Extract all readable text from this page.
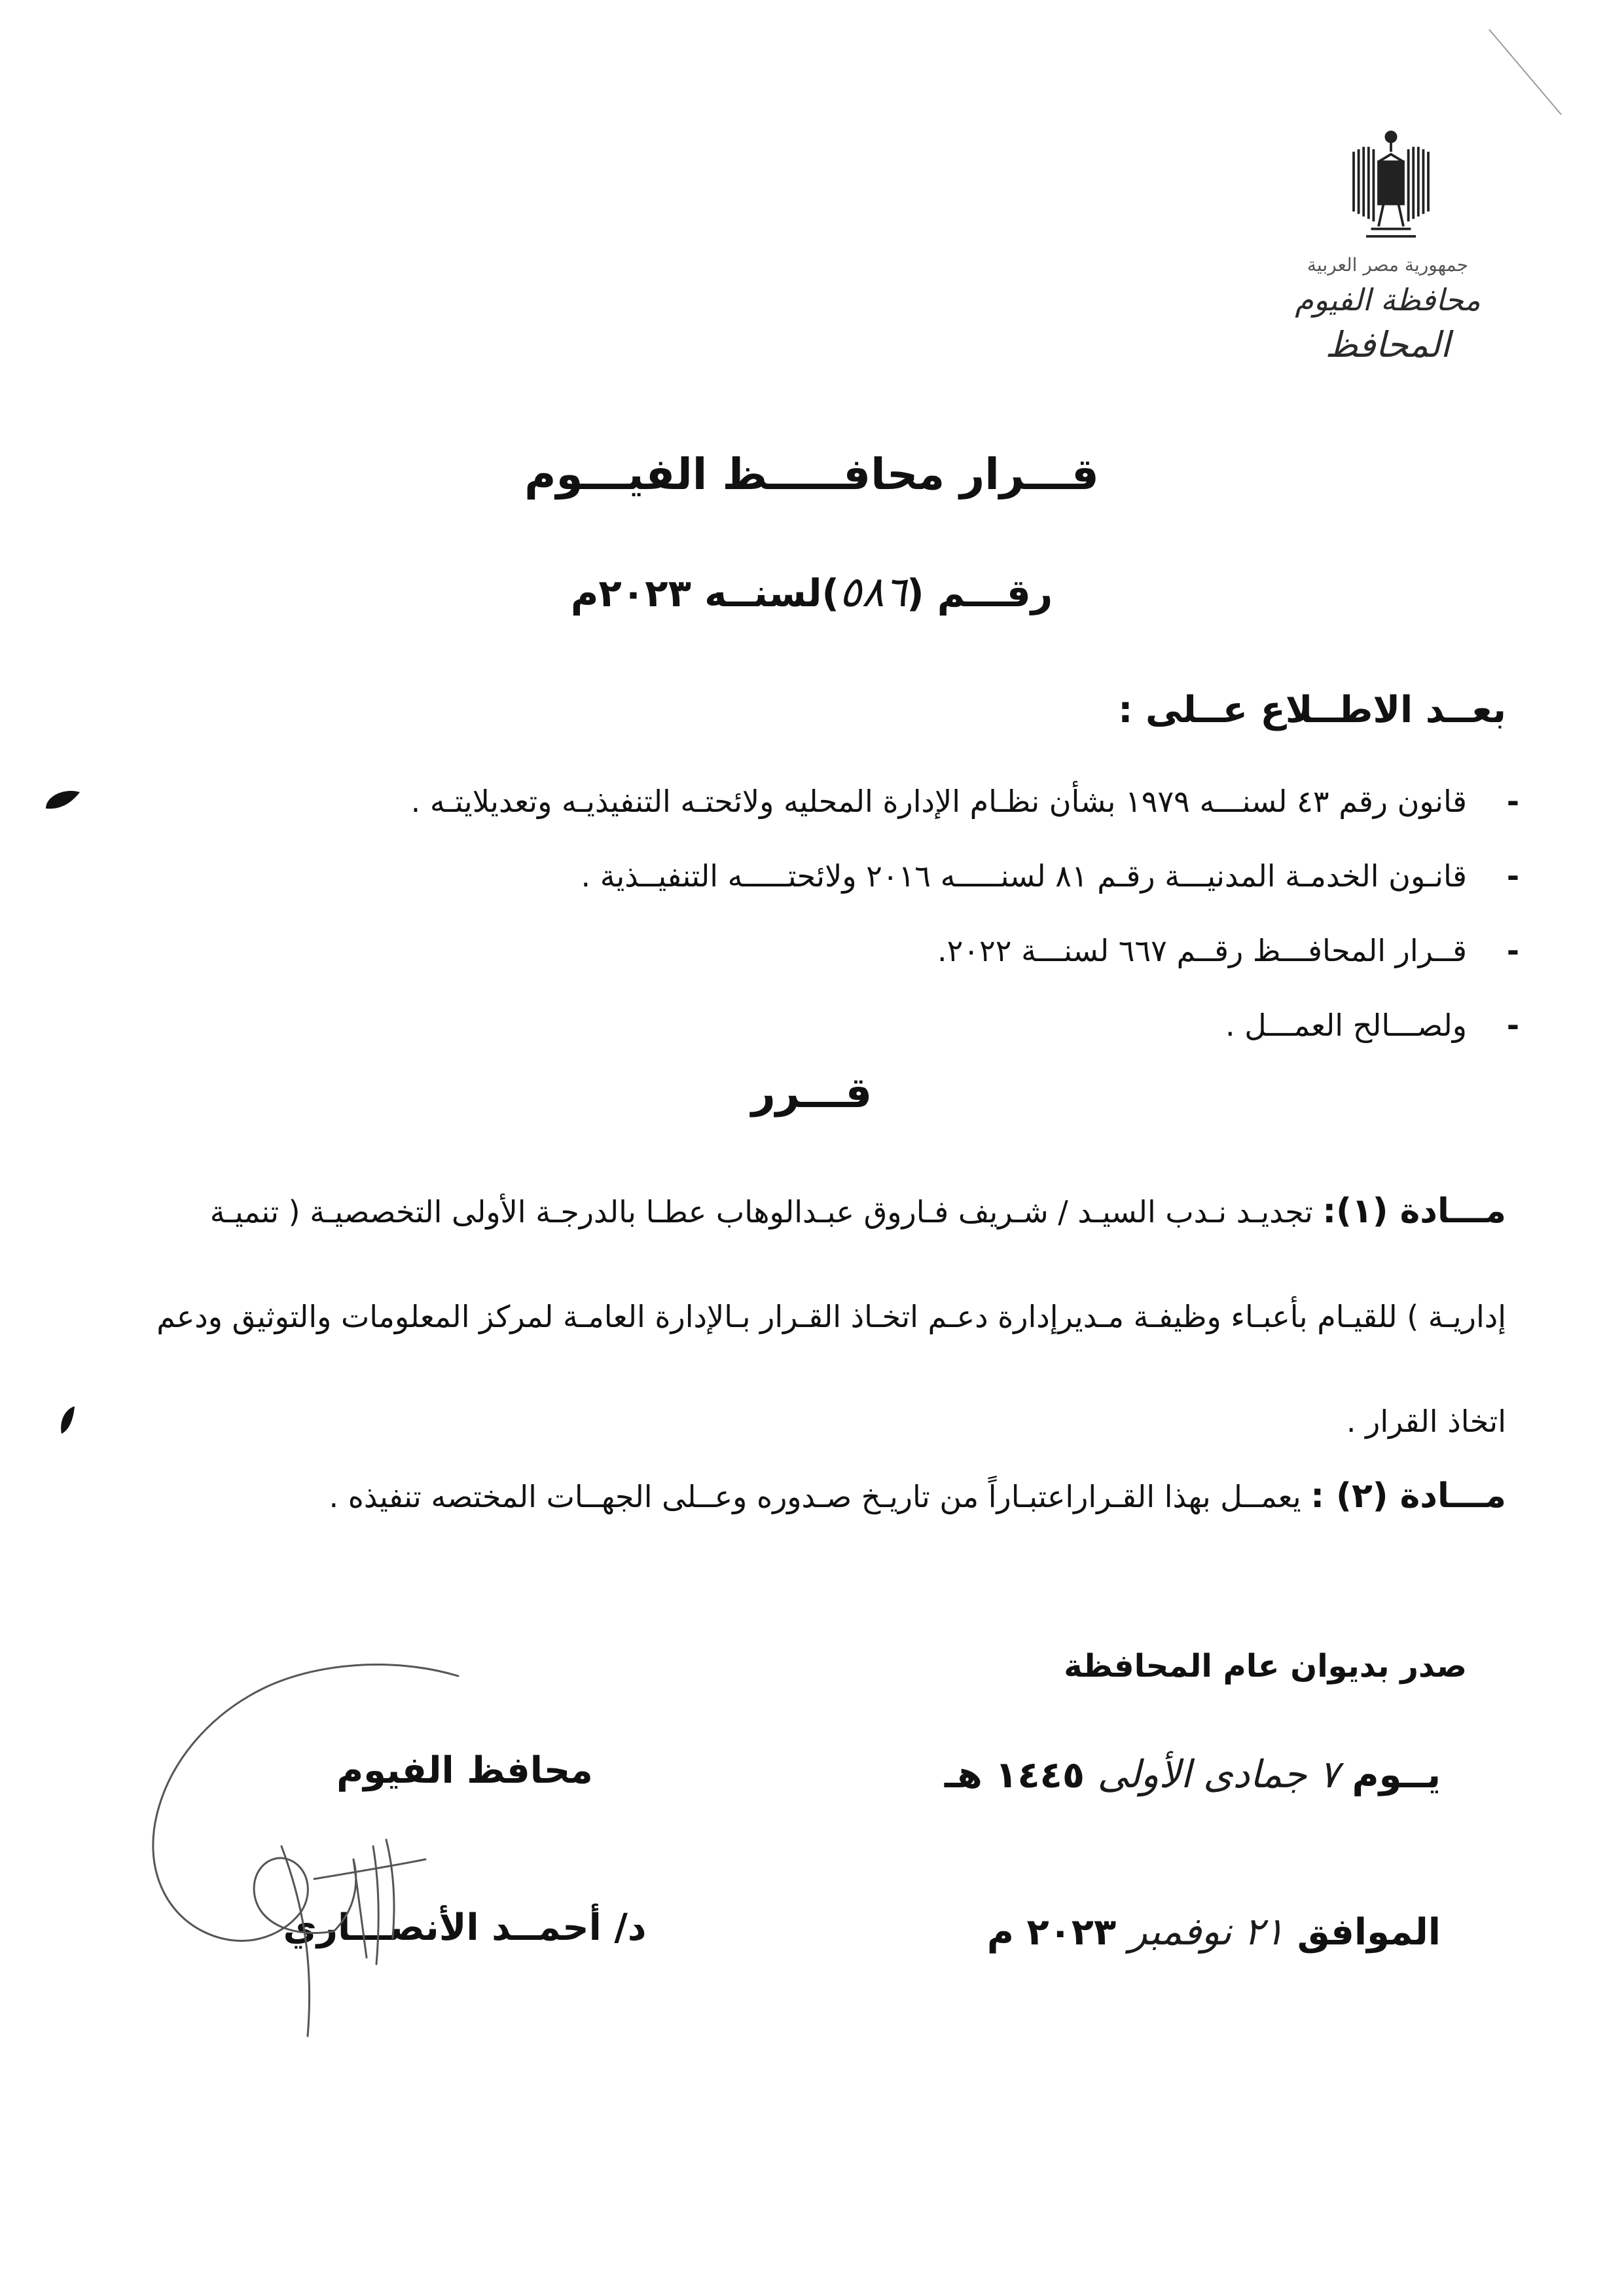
جمهورية مصر العربية
محافظة الفيوم
المحافظ
قـــرار محافـــــظ الفيـــوم
رقـــم (٥٨٦)لسنــه ٢٠٢٣م
بعــد الاطــلاع عــلى :
-
قانون رقم ٤٣ لسنـــه ١٩٧٩ بشأن نظـام الإدارة المحليه ولائحتـه التنفيذيـه وتعديلايتـه .
-
قانـون الخدمـة المدنيـــة رقـم ٨١ لسنـــــه ٢٠١٦ ولائحتـــــه التنفيــذية .
-
قــرار المحافـــظ رقــم ٦٦٧ لسنـــة ٢٠٢٢.
-
ولصـــالح العمـــل .
قـــرر
مـــادة (١): تجديـد نـدب السيـد / شـريف فـاروق عبـدالوهاب عطـا بالدرجـة الأولى التخصصيـة ( تنميـة إداريـة ) للقيـام بأعبـاء وظيفـة مـديرإدارة دعـم اتخـاذ القـرار بـالإدارة العامـة لمركز المعلومات والتوثيق ودعم اتخاذ القرار .
مـــادة (٢) : يعمــل بهذا القـراراعتبـاراً من تاريـخ صـدوره وعــلى الجهــات المختصه تنفيذه .
صدر بديوان عام المحافظة
يــوم ٧ جمادى الأولى ١٤٤٥ هـ
الموافق ٢١ نوفمبر ٢٠٢٣ م
محافظ الفيوم
د/ أحمــد الأنصـــاري
